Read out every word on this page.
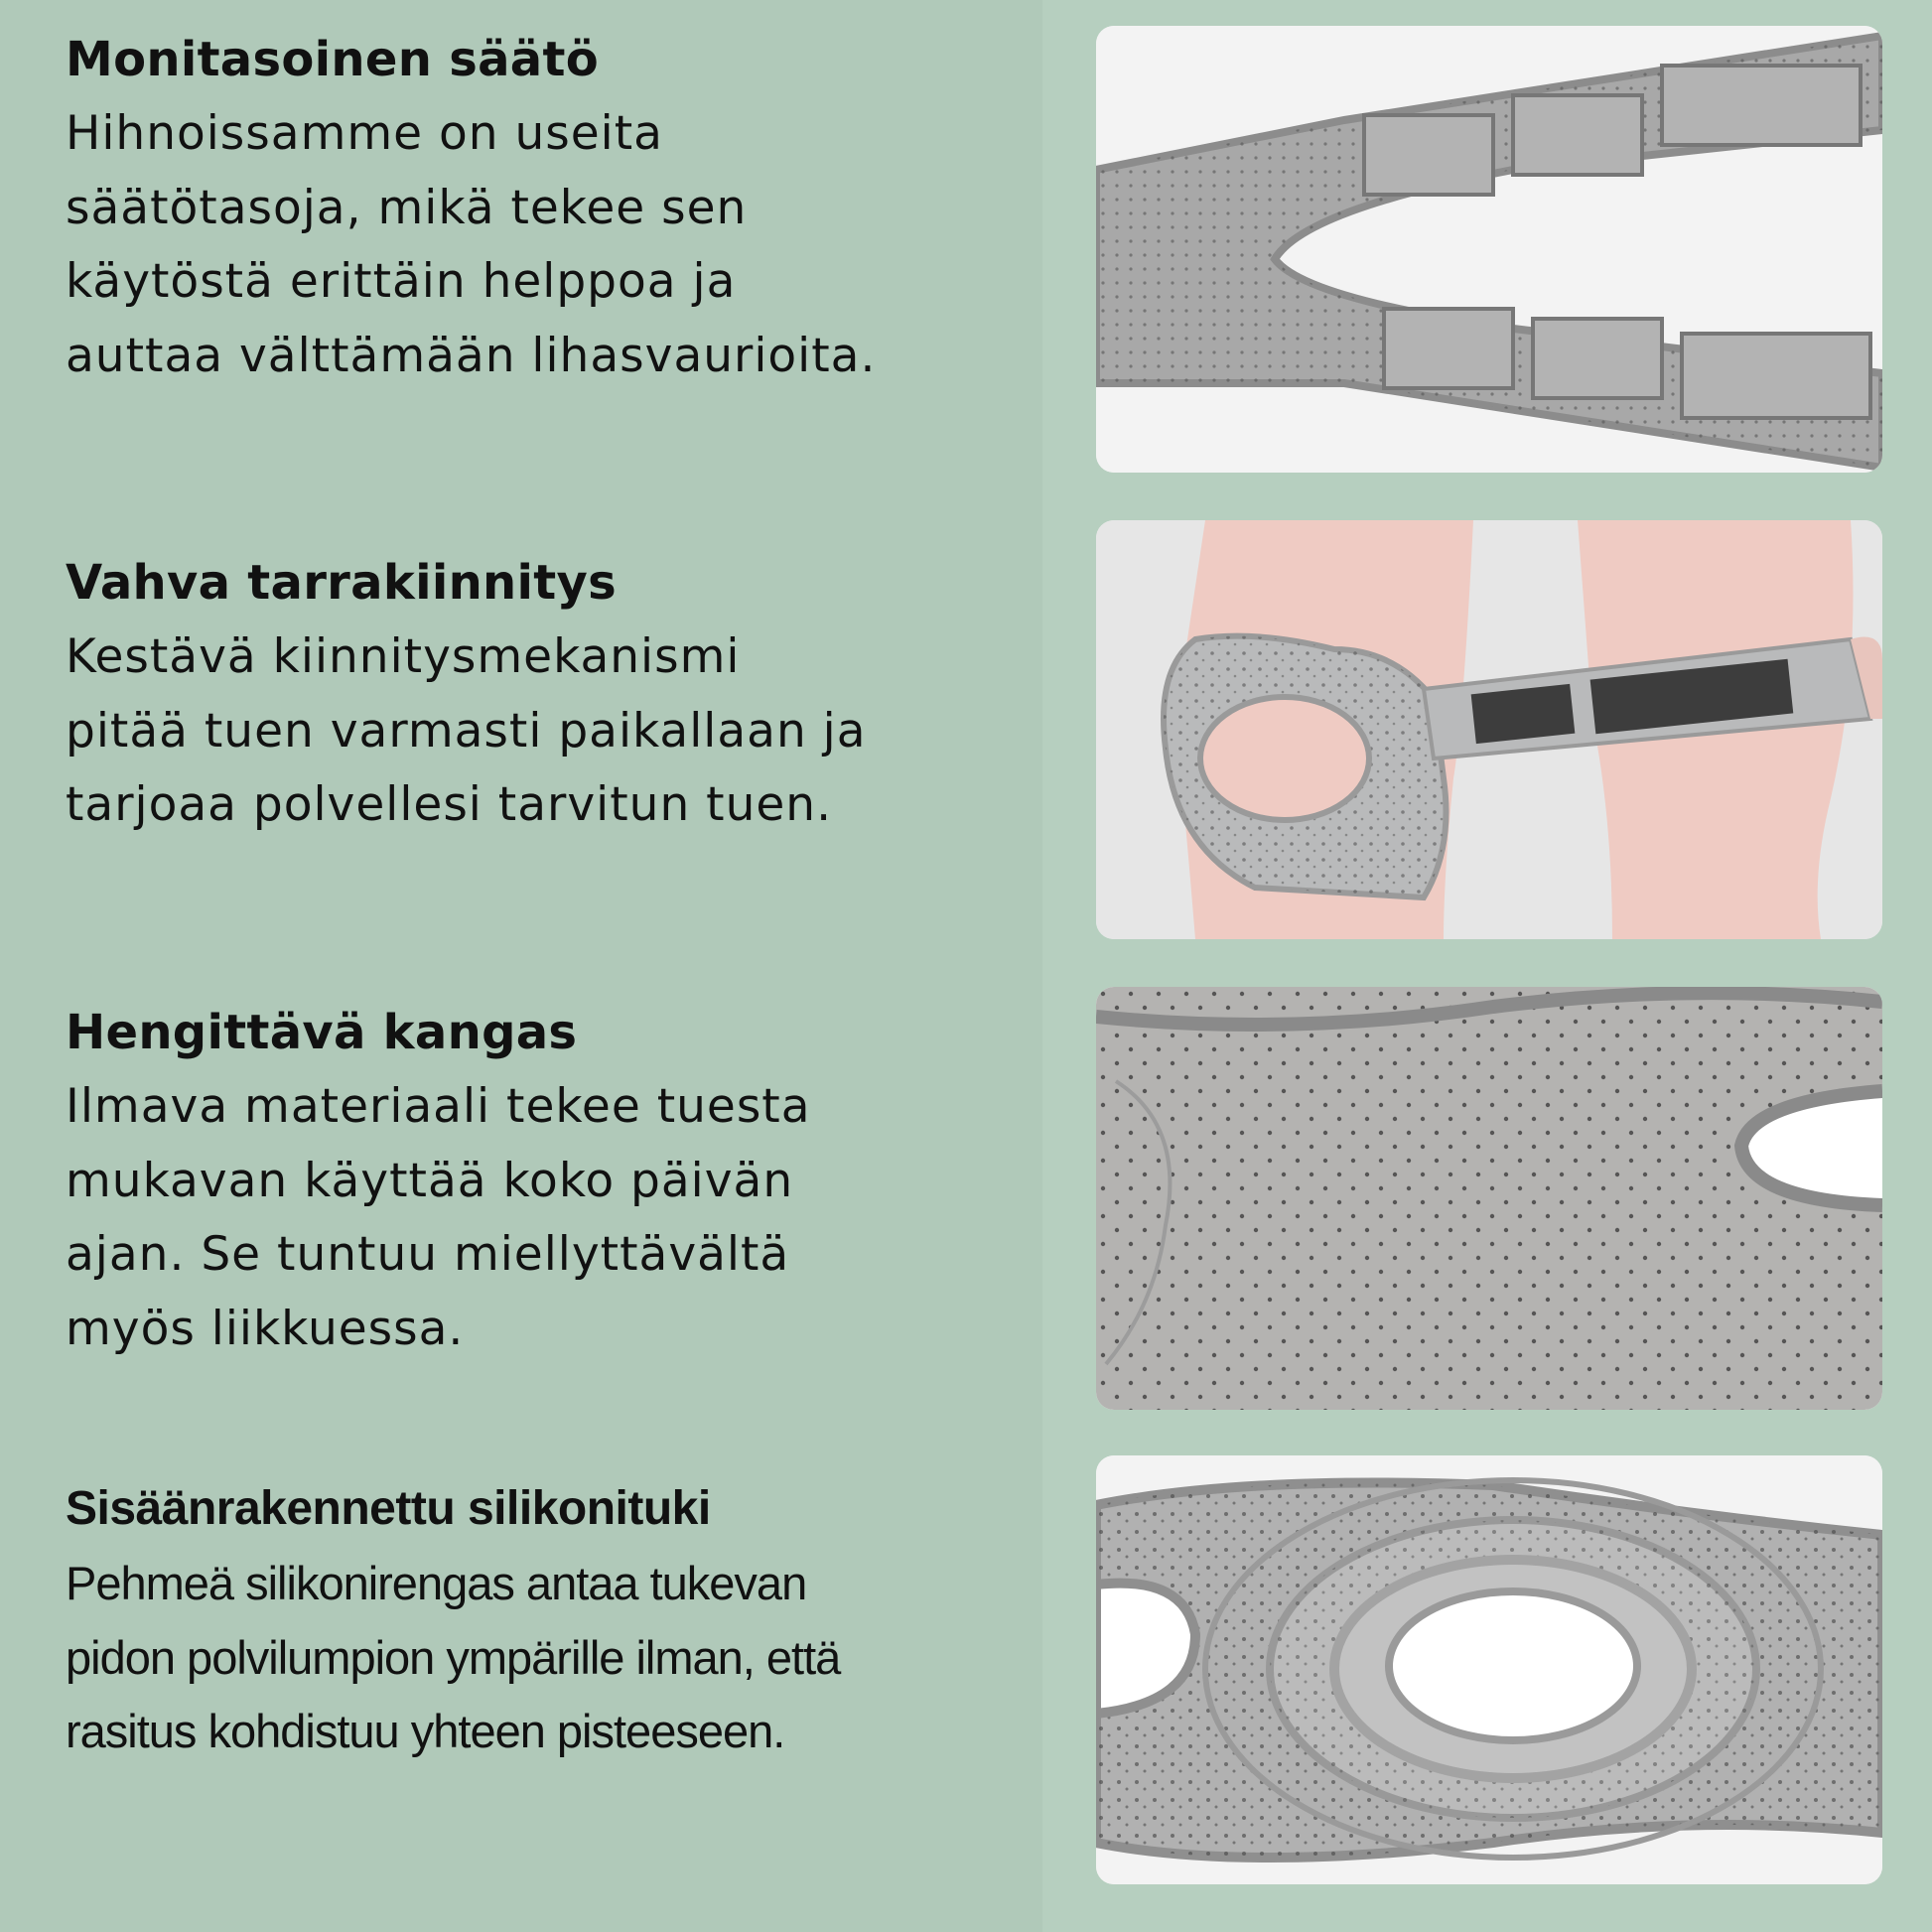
Monitasoinen säätö

Hihnoissamme on useita
säätötasoja, mikä tekee sen
käytöstä erittäin helppoa ja
auttaa välttämään lihasvaurioita.

Vahva tarrakiinnitys

Kestävä kiinnitysmekanismi
pitää tuen varmasti paikallaan ja
tarjoaa polvellesi tarvitun tuen.

Hengittävä kangas

Ilmava materiaali tekee tuesta
mukavan käyttää koko päivän
ajan. Se tuntuu miellyttävältä
myös liikkuessa.

Sisäänrakennettu silikonituki

Pehmeä silikonirengas antaa tukevan
pidon polvilumpion ympärille ilman, että
rasitus kohdistuu yhteen pisteeseen.
